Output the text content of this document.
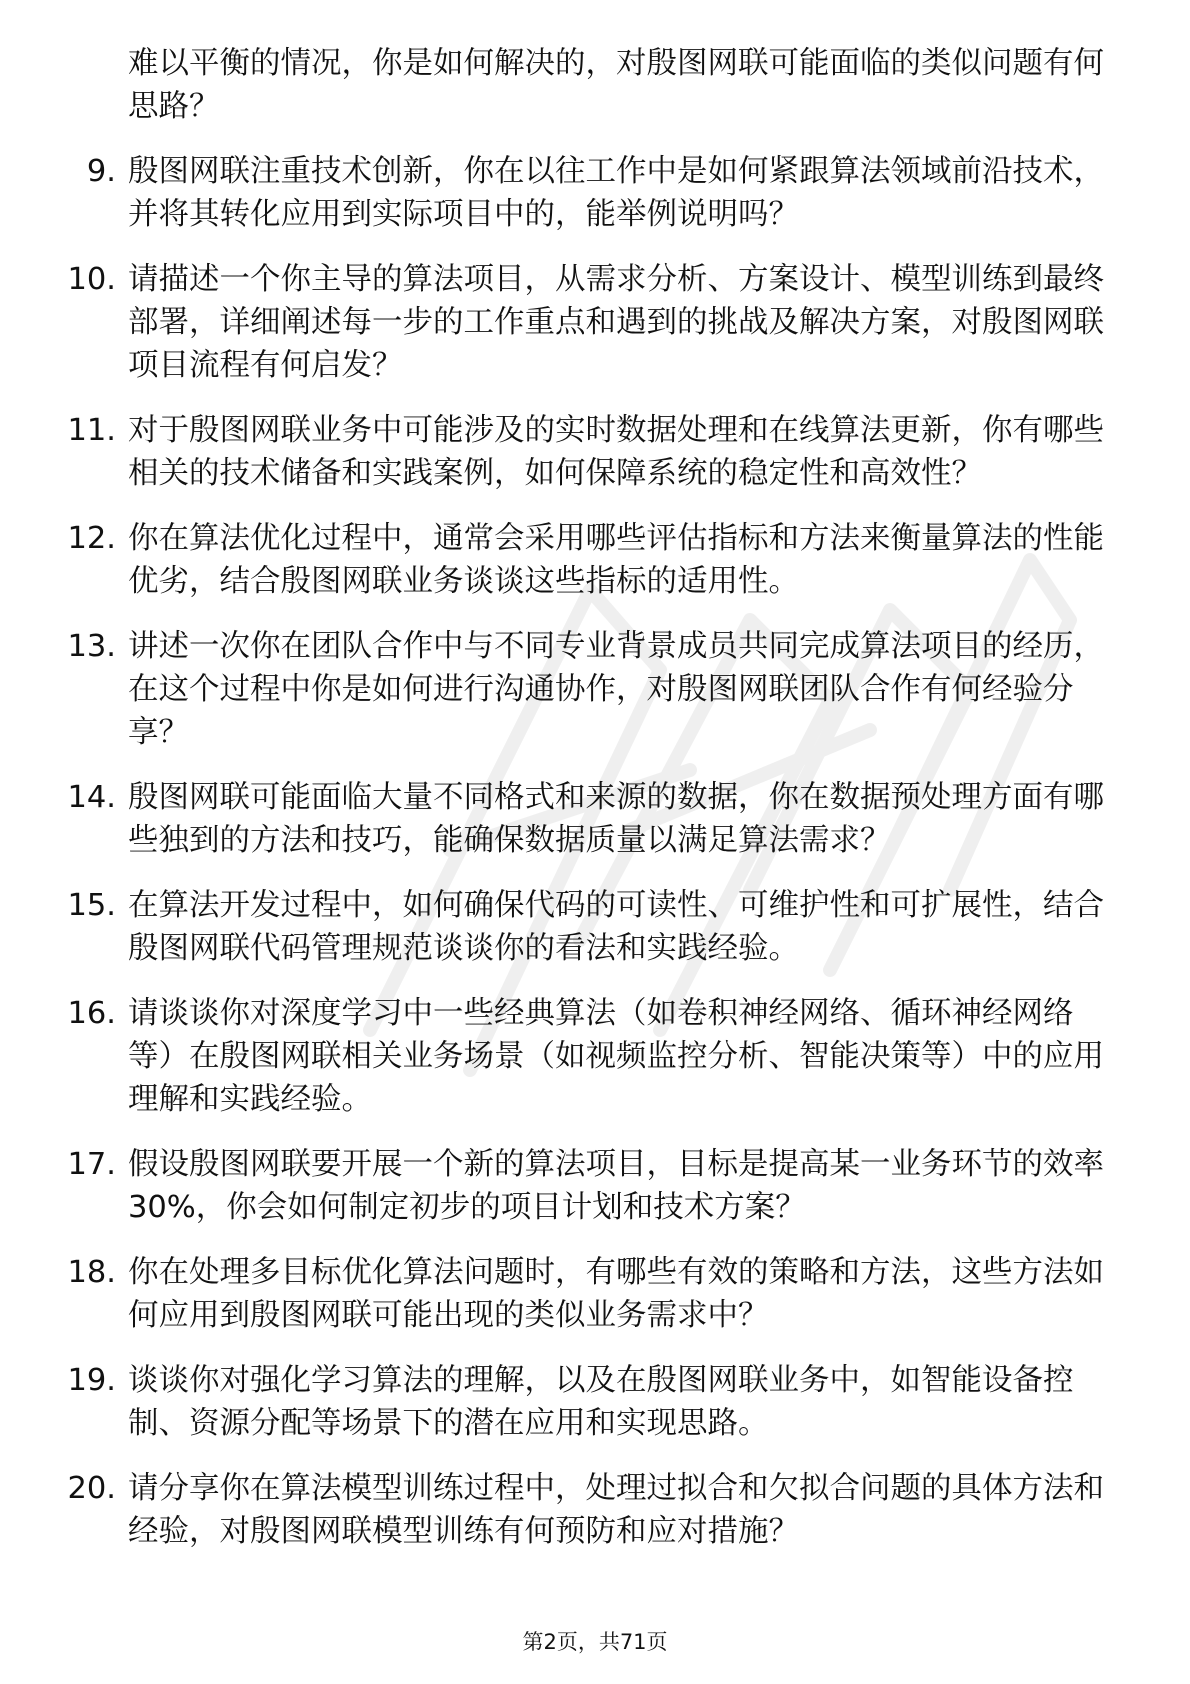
难以平衡的情况，你是如何解决的，对殷图网联可能面临的类似问题有何思路？
9. 殷图网联注重技术创新，你在以往工作中是如何紧跟算法领域前沿技术，并将其转化应用到实际项目中的，能举例说明吗？
10. 请描述一个你主导的算法项目，从需求分析、方案设计、模型训练到最终部署，详细阐述每一步的工作重点和遇到的挑战及解决方案，对殷图网联项目流程有何启发？
11. 对于殷图网联业务中可能涉及的实时数据处理和在线算法更新，你有哪些相关的技术储备和实践案例，如何保障系统的稳定性和高效性？
12. 你在算法优化过程中，通常会采用哪些评估指标和方法来衡量算法的性能优劣，结合殷图网联业务谈谈这些指标的适用性。
13. 讲述一次你在团队合作中与不同专业背景成员共同完成算法项目的经历，在这个过程中你是如何进行沟通协作，对殷图网联团队合作有何经验分享？
14. 殷图网联可能面临大量不同格式和来源的数据，你在数据预处理方面有哪些独到的方法和技巧，能确保数据质量以满足算法需求？
15. 在算法开发过程中，如何确保代码的可读性、可维护性和可扩展性，结合殷图网联代码管理规范谈谈你的看法和实践经验。
16. 请谈谈你对深度学习中一些经典算法（如卷积神经网络、循环神经网络等）在殷图网联相关业务场景（如视频监控分析、智能决策等）中的应用理解和实践经验。
17. 假设殷图网联要开展一个新的算法项目，目标是提高某一业务环节的效率30%，你会如何制定初步的项目计划和技术方案？
18. 你在处理多目标优化算法问题时，有哪些有效的策略和方法，这些方法如何应用到殷图网联可能出现的类似业务需求中？
19. 谈谈你对强化学习算法的理解，以及在殷图网联业务中，如智能设备控制、资源分配等场景下的潜在应用和实现思路。
20. 请分享你在算法模型训练过程中，处理过拟合和欠拟合问题的具体方法和经验，对殷图网联模型训练有何预防和应对措施？
第2页，共71页
